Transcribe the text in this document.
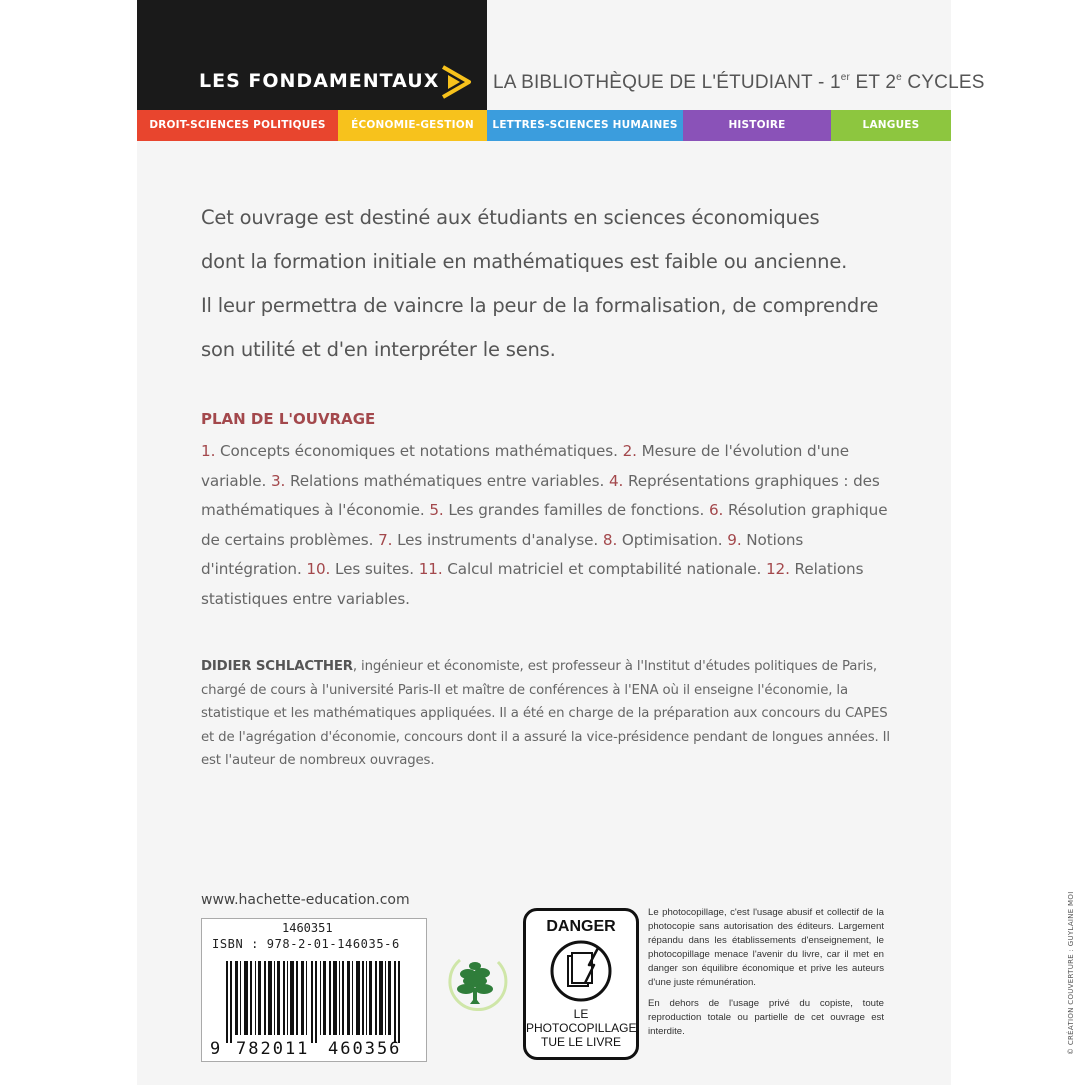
LES FONDAMENTAUX	LA BIBLIOTHÈQUE DE L'ÉTUDIANT - 1er ET 2e CYCLES
DROIT-SCIENCES POLITIQUES	ÉCONOMIE-GESTION	LETTRES-SCIENCES HUMAINES	HISTOIRE	LANGUES
Cet ouvrage est destiné aux étudiants en sciences économiques
dont la formation initiale en mathématiques est faible ou ancienne.
Il leur permettra de vaincre la peur de la formalisation, de comprendre
son utilité et d'en interpréter le sens.
PLAN DE L'OUVRAGE
1. Concepts économiques et notations mathématiques. 2. Mesure de l'évolution d'une variable. 3. Relations mathématiques entre variables. 4. Représentations graphiques : des mathématiques à l'économie. 5. Les grandes familles de fonctions. 6. Résolution graphique de certains problèmes. 7. Les instruments d'analyse. 8. Optimisation. 9. Notions d'intégration. 10. Les suites. 11. Calcul matriciel et comptabilité nationale. 12. Relations statistiques entre variables.
DIDIER SCHLACTHER, ingénieur et économiste, est professeur à l'Institut d'études politiques de Paris, chargé de cours à l'université Paris-II et maître de conférences à l'ENA où il enseigne l'économie, la statistique et les mathématiques appliquées. Il a été en charge de la préparation aux concours du CAPES et de l'agrégation d'économie, concours dont il a assuré la vice-présidence pendant de longues années. Il est l'auteur de nombreux ouvrages.
www.hachette-education.com
1460351
ISBN : 978-2-01-146035-6
9 782011 460356
DANGER
LE
PHOTOCOPILLAGE
TUE LE LIVRE

Le photocopillage, c'est l'usage abusif et collectif de la photocopie sans autorisation des éditeurs. Largement répandu dans les établissements d'enseignement, le photocopillage menace l'avenir du livre, car il met en danger son équilibre économique et prive les auteurs d'une juste rémunération.

En dehors de l'usage privé du copiste, toute reproduction totale ou partielle de cet ouvrage est interdite.	© CRÉATION COUVERTURE : GUYLAINE MOI
